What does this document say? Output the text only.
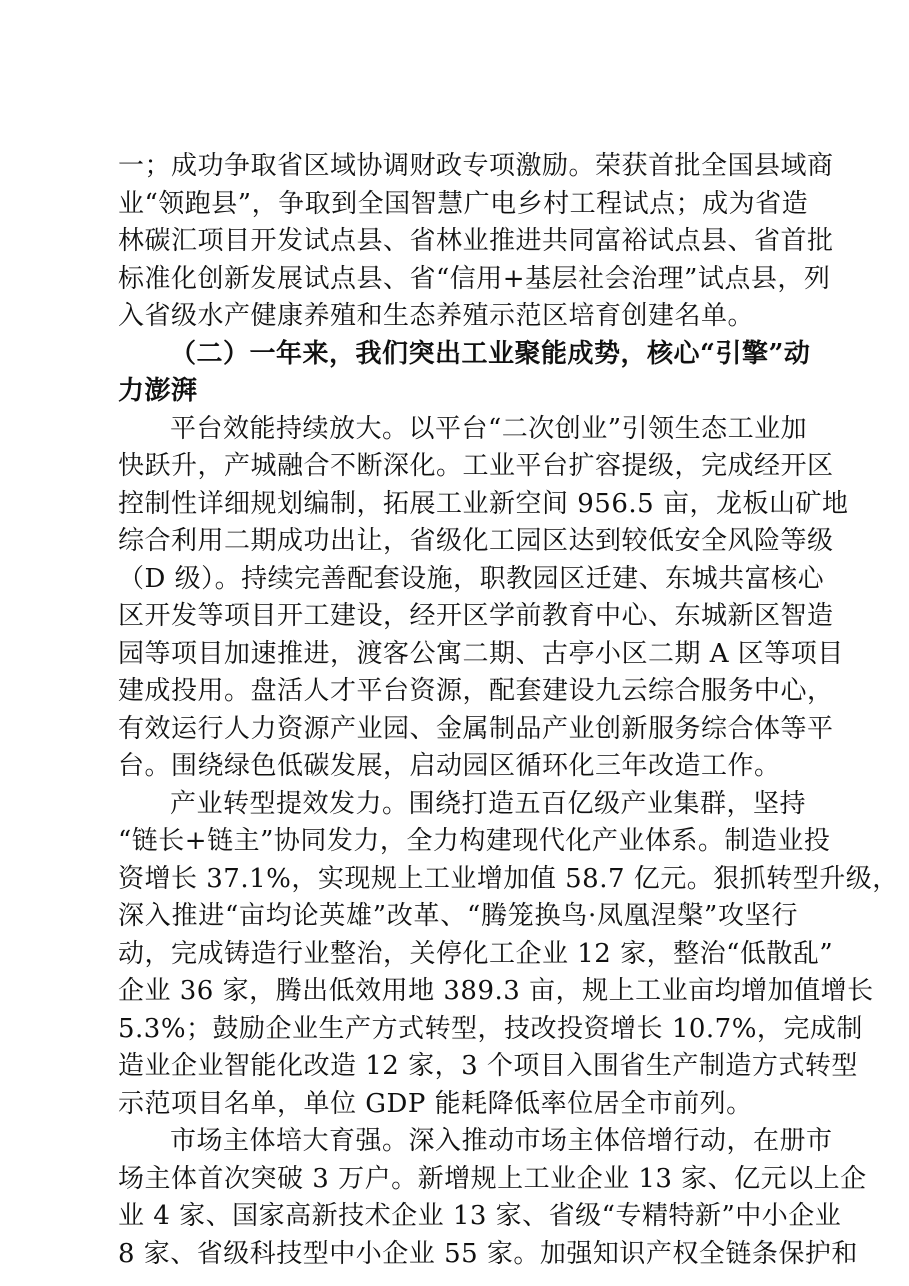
一；成功争取省区域协调财政专项激励。荣获首批全国县域商
业“领跑县”，争取到全国智慧广电乡村工程试点；成为省造
林碳汇项目开发试点县、省林业推进共同富裕试点县、省首批
标准化创新发展试点县、省“信用+基层社会治理”试点县，列
入省级水产健康养殖和生态养殖示范区培育创建名单。
（二）一年来，我们突出工业聚能成势，核心“引擎”动
力澎湃
平台效能持续放大。以平台“二次创业”引领生态工业加
快跃升，产城融合不断深化。工业平台扩容提级，完成经开区
控制性详细规划编制，拓展工业新空间 956.5 亩，龙板山矿地
综合利用二期成功出让，省级化工园区达到较低安全风险等级
（D 级）。持续完善配套设施，职教园区迁建、东城共富核心
区开发等项目开工建设，经开区学前教育中心、东城新区智造
园等项目加速推进，渡客公寓二期、古亭小区二期 A 区等项目
建成投用。盘活人才平台资源，配套建设九云综合服务中心，
有效运行人力资源产业园、金属制品产业创新服务综合体等平
台。围绕绿色低碳发展，启动园区循环化三年改造工作。
产业转型提效发力。围绕打造五百亿级产业集群，坚持
“链长+链主”协同发力，全力构建现代化产业体系。制造业投
资增长 37.1%，实现规上工业增加值 58.7 亿元。狠抓转型升级，
深入推进“亩均论英雄”改革、“腾笼换鸟·凤凰涅槃”攻坚行
动，完成铸造行业整治，关停化工企业 12 家，整治“低散乱”
企业 36 家，腾出低效用地 389.3 亩，规上工业亩均增加值增长
5.3%；鼓励企业生产方式转型，技改投资增长 10.7%，完成制
造业企业智能化改造 12 家，3 个项目入围省生产制造方式转型
示范项目名单，单位 GDP 能耗降低率位居全市前列。
市场主体培大育强。深入推动市场主体倍增行动，在册市
场主体首次突破 3 万户。新增规上工业企业 13 家、亿元以上企
业 4 家、国家高新技术企业 13 家、省级“专精特新”中小企业
8 家、省级科技型中小企业 55 家。加强知识产权全链条保护和
